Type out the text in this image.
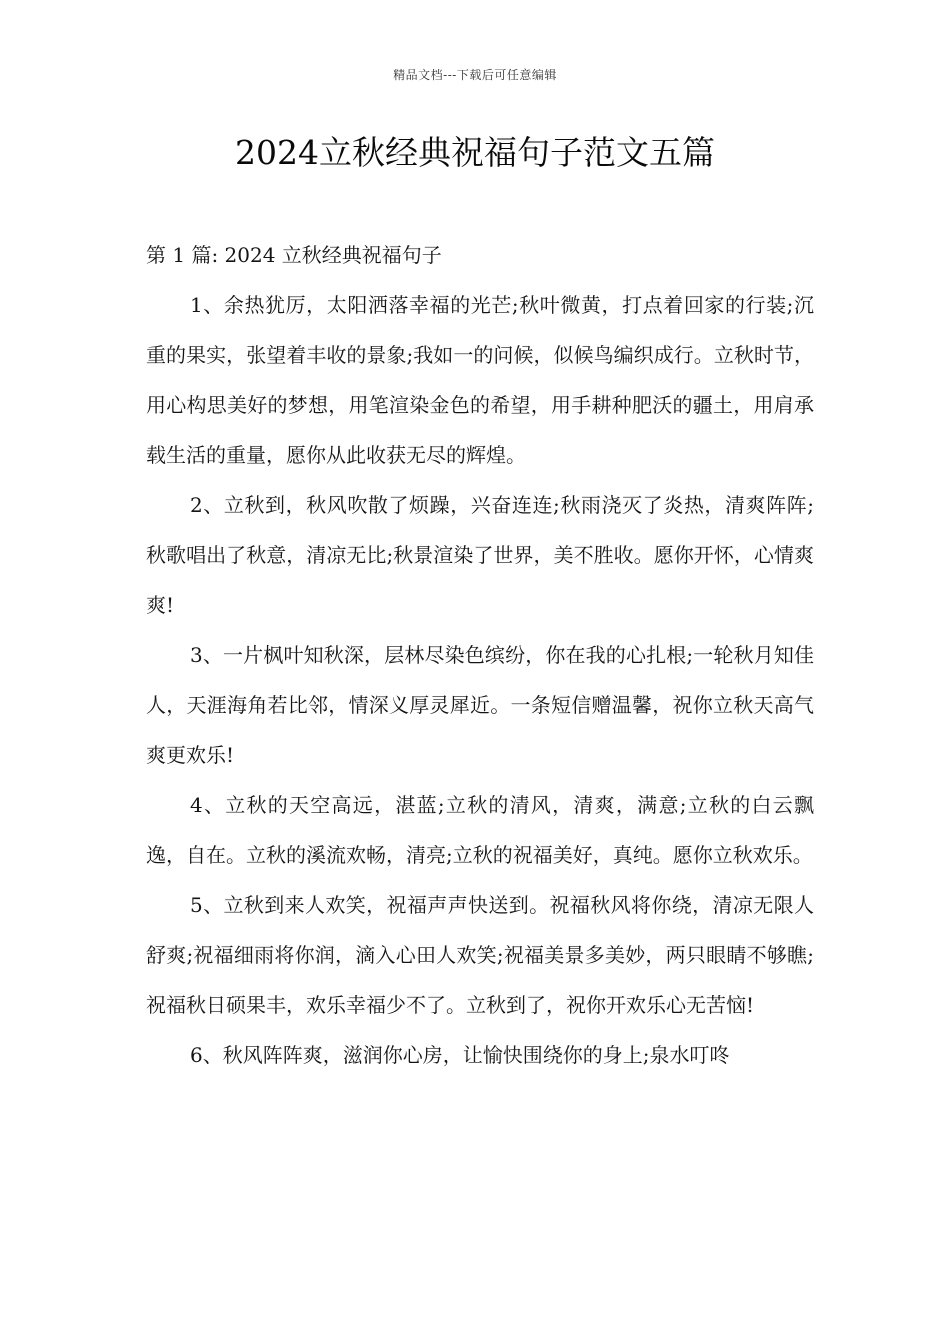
精品文档---下载后可任意编辑
2024立秋经典祝福句子范文五篇

第 1 篇: 2024 立秋经典祝福句子

1、余热犹厉，太阳洒落幸福的光芒;秋叶微黄，打点着回家的行装;沉重的果实，张望着丰收的景象;我如一的问候，似候鸟编织成行。立秋时节，用心构思美好的梦想，用笔渲染金色的希望，用手耕种肥沃的疆土，用肩承载生活的重量，愿你从此收获无尽的辉煌。

2、立秋到，秋风吹散了烦躁，兴奋连连;秋雨浇灭了炎热，清爽阵阵;秋歌唱出了秋意，清凉无比;秋景渲染了世界，美不胜收。愿你开怀，心情爽爽!

3、一片枫叶知秋深，层林尽染色缤纷，你在我的心扎根;一轮秋月知佳人，天涯海角若比邻，情深义厚灵犀近。一条短信赠温馨，祝你立秋天高气爽更欢乐!

4、立秋的天空高远，湛蓝;立秋的清风，清爽，满意;立秋的白云飘逸，自在。立秋的溪流欢畅，清亮;立秋的祝福美好，真纯。愿你立秋欢乐。

5、立秋到来人欢笑，祝福声声快送到。祝福秋风将你绕，清凉无限人舒爽;祝福细雨将你润，滴入心田人欢笑;祝福美景多美妙，两只眼睛不够瞧;祝福秋日硕果丰，欢乐幸福少不了。立秋到了，祝你开欢乐心无苦恼!

6、秋风阵阵爽，滋润你心房，让愉快围绕你的身上;泉水叮咚
